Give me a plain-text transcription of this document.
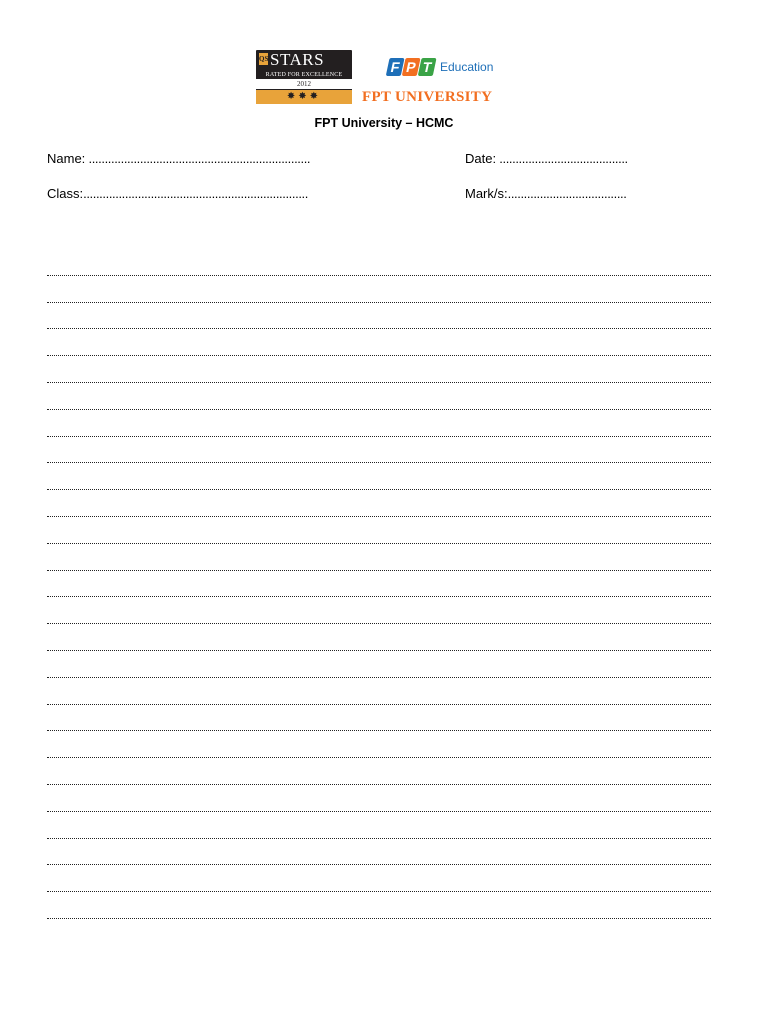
QS STARS
RATED FOR EXCELLENCE
2012
✸✸✸
F P T Education
FPT UNIVERSITY
FPT University – HCMC
Name: .....................................................................	Date: ........................................
Class:......................................................................	Mark/s:.....................................
